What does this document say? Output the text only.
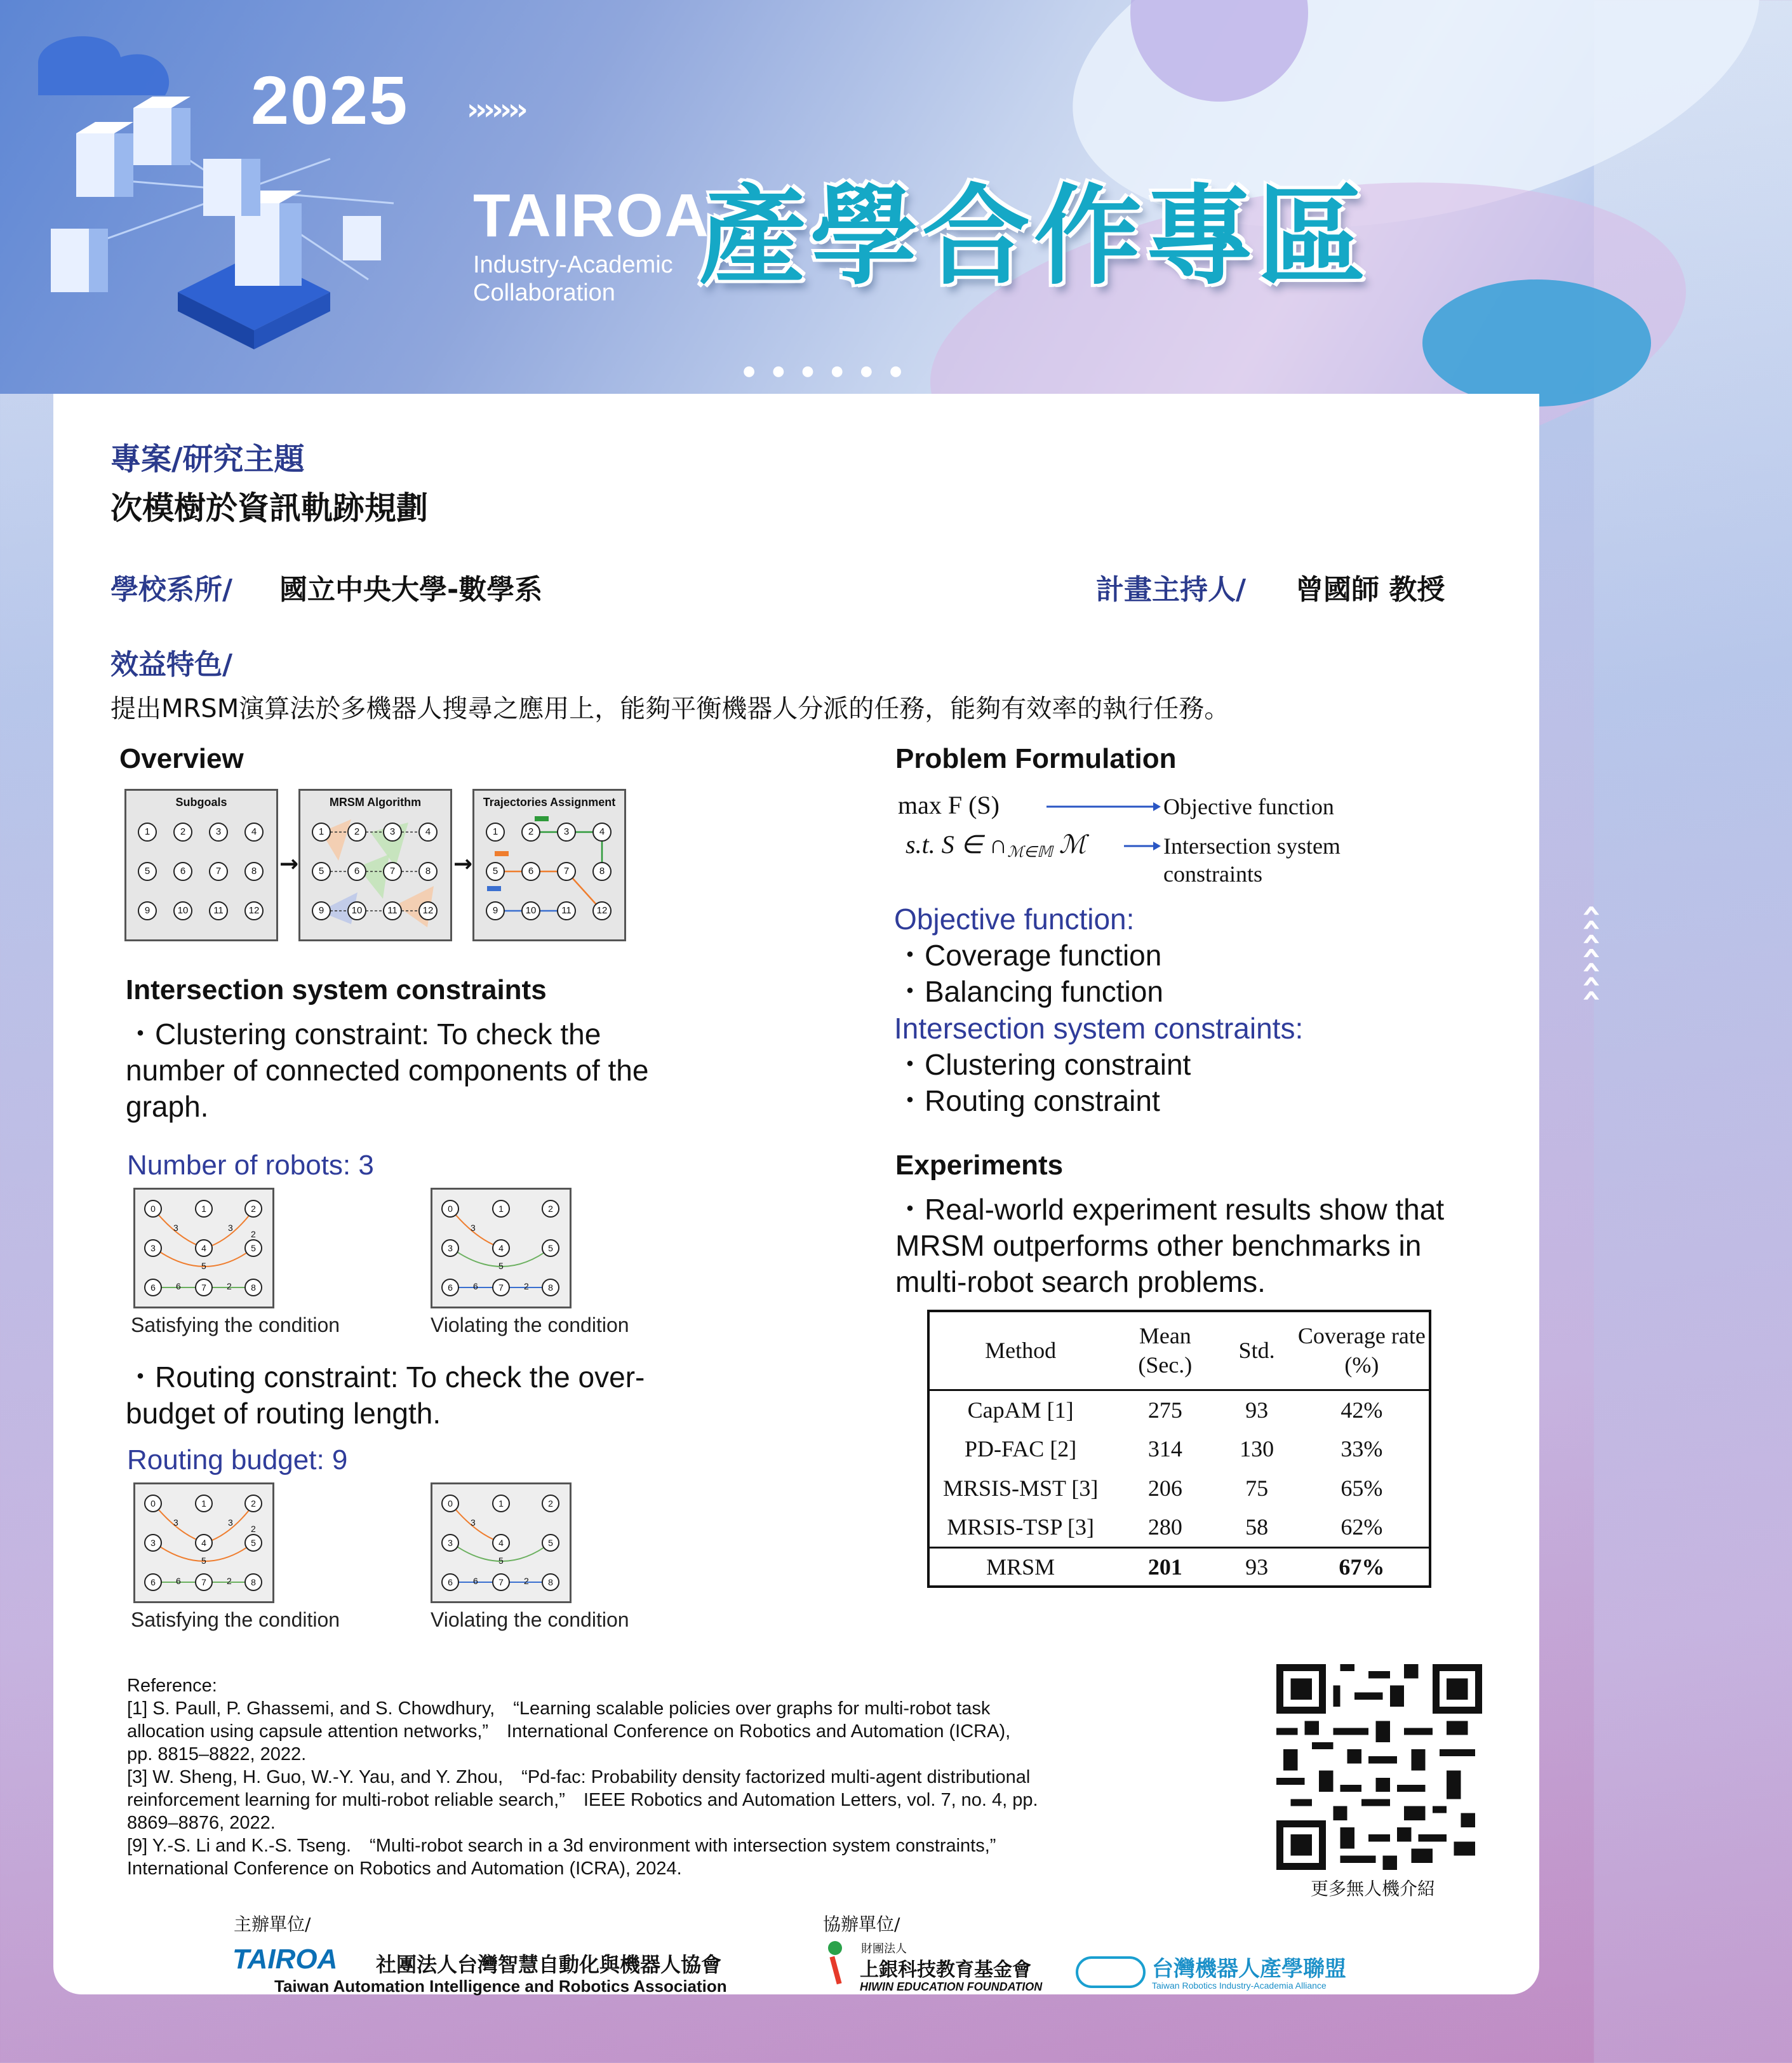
2025 ›››››››
TAIROA
Industry-Academic
Collaboration 產學合作專區
● ● ● ● ● ●
‹‹‹‹‹‹‹
專案/研究主題
次模樹於資訊軌跡規劃
學校系所/ 國立中央大學-數學系	計畫主持人/ 曾國師 教授
效益特色/
提出MRSM演算法於多機器人搜尋之應用上，能夠平衡機器人分派的任務，能夠有效率的執行任務。
Overview
Subgoals
1	2	3	4
5	6	7	8
9	10	11	12
→
MRSM Algorithm
1	2	3	4
5	6	7	8
9	10	11	12
→
Trajectories Assignment
1	2	3	4
5	6	7	8
9	10	11	12
Intersection system constraints
・Clustering constraint: To check the
number of connected components of the
graph.
Number of robots: 3
0	1	2
3	4	5
6	7	8
3	3
2
5
6	2
0	1	2
3	4	5
6	7	8
3
5
6	2
Satisfying the condition	Violating the condition
・Routing constraint: To check the over-
budget of routing length.
Routing budget: 9
0	1	2
3	4	5
6	7	8
3	3
2
5
6	2
0	1	2
3	4	5
6	7	8
3
5
6	2
Satisfying the condition	Violating the condition
Problem Formulation
max F (S)
s.t. S ∈ ∩ℳ∈𝕄 ℳ
Objective function
Intersection system
constraints
Objective function:
・Coverage function
・Balancing function
Intersection system constraints:
・Clustering constraint
・Routing constraint
Experiments
・Real-world experiment results show that
MRSM outperforms other benchmarks in
multi-robot search problems.
Method	Mean (Sec.)	Std.	Coverage rate (%)
CapAM [1]	275	93	42%
PD-FAC [2]	314	130	33%
MRSIS-MST [3]	206	75	65%
MRSIS-TSP [3]	280	58	62%
MRSM	201	93	67%
Reference:
[1] S. Paull, P. Ghassemi, and S. Chowdhury,　“Learning scalable policies over graphs for multi-robot task
allocation using capsule attention networks,”　International Conference on Robotics and Automation (ICRA),
pp. 8815–8822, 2022.
[3] W. Sheng, H. Guo, W.-Y. Yau, and Y. Zhou,　“Pd-fac: Probability density factorized multi-agent distributional
reinforcement learning for multi-robot reliable search,”　IEEE Robotics and Automation Letters, vol. 7, no. 4, pp.
8869–8876, 2022.
[9] Y.-S. Li and K.-S. Tseng.　“Multi-robot search in a 3d environment with intersection system constraints,”
International Conference on Robotics and Automation (ICRA), 2024.
更多無人機介紹
主辦單位/
TAIROA 社團法人台灣智慧自動化與機器人協會
Taiwan Automation Intelligence and Robotics Association
協辦單位/
財團法人
上銀科技教育基金會
HIWIN EDUCATION FOUNDATION
台灣機器人產學聯盟
Taiwan Robotics Industry-Academia Alliance
